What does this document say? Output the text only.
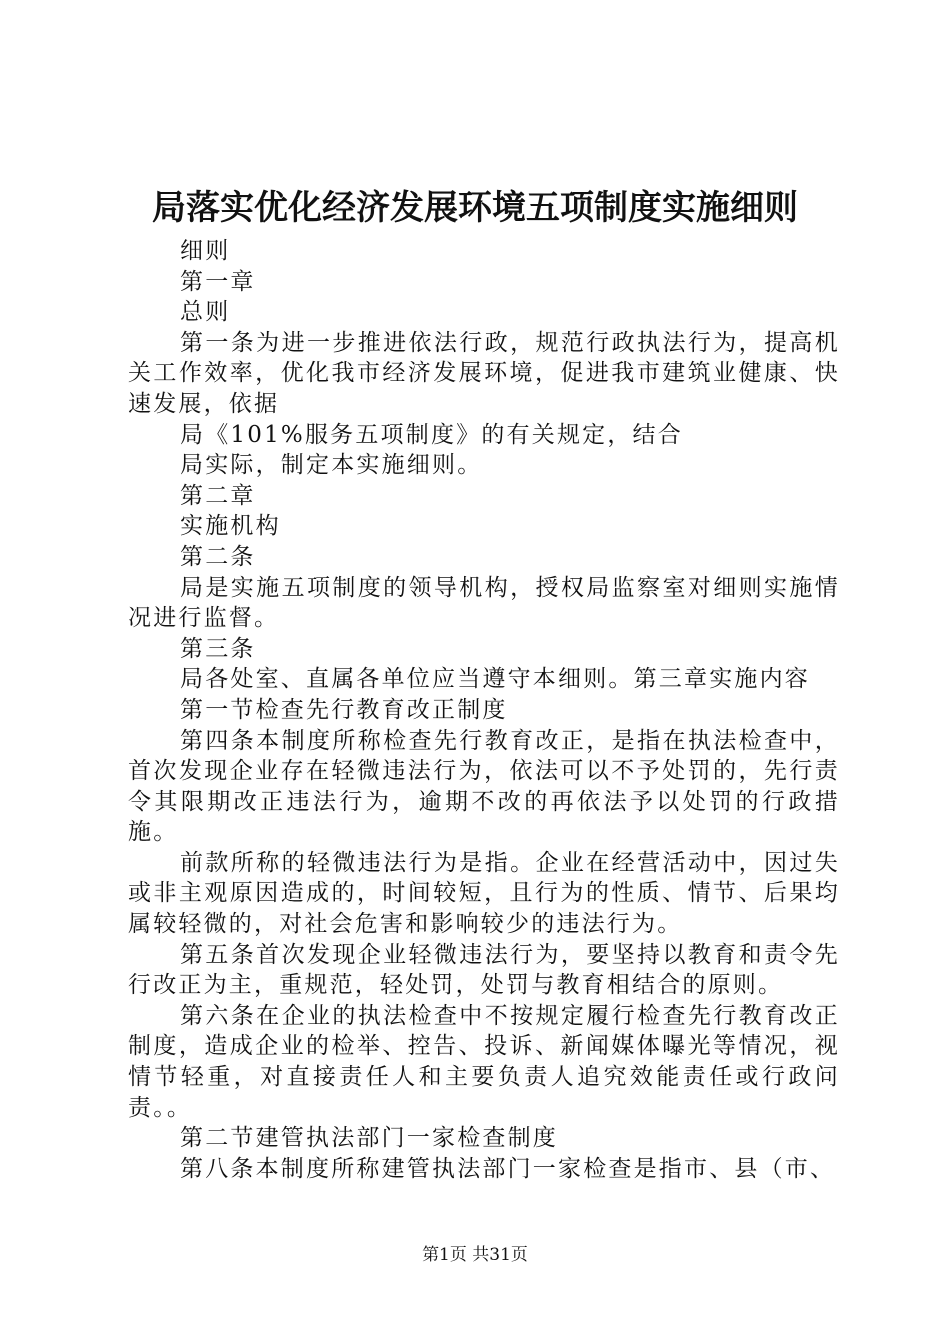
局落实优化经济发展环境五项制度实施细则

细则

第一章

总则

第一条为进一步推进依法行政，规范行政执法行为，提高机关工作效率，优化我市经济发展环境，促进我市建筑业健康、快速发展，依据

局《101%服务五项制度》的有关规定，结合

局实际，制定本实施细则。

第二章

实施机构

第二条

局是实施五项制度的领导机构，授权局监察室对细则实施情况进行监督。

第三条

局各处室、直属各单位应当遵守本细则。第三章实施内容

第一节检查先行教育改正制度

第四条本制度所称检查先行教育改正，是指在执法检查中，首次发现企业存在轻微违法行为，依法可以不予处罚的，先行责令其限期改正违法行为，逾期不改的再依法予以处罚的行政措施。

前款所称的轻微违法行为是指。企业在经营活动中，因过失或非主观原因造成的，时间较短，且行为的性质、情节、后果均属较轻微的，对社会危害和影响较少的违法行为。

第五条首次发现企业轻微违法行为，要坚持以教育和责令先行改正为主，重规范，轻处罚，处罚与教育相结合的原则。

第六条在企业的执法检查中不按规定履行检查先行教育改正制度，造成企业的检举、控告、投诉、新闻媒体曝光等情况，视情节轻重，对直接责任人和主要负责人追究效能责任或行政问责。。

第二节建管执法部门一家检查制度

第八条本制度所称建管执法部门一家检查是指市、县（市、

第1页 共31页
